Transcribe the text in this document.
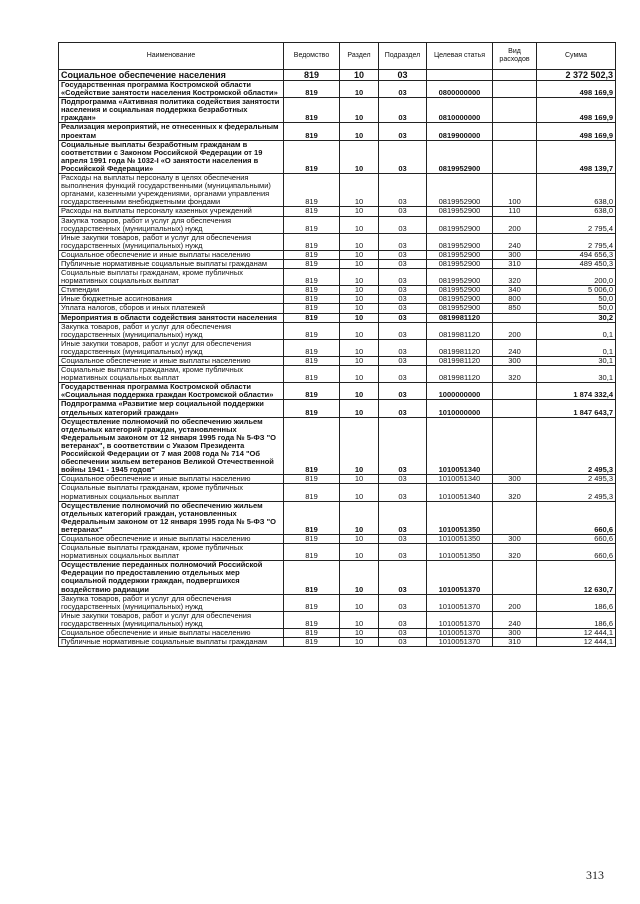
Наименование	Ведомство	Раздел	Подраздел	Целевая статья	Вид расходов	Сумма
Социальное обеспечение населения	819	10	03			2 372 502,3
Государственная программа Костромской области «Содействие занятости населения Костромской области»	819	10	03	0800000000		498 169,9
Подпрограмма «Активная политика содействия занятости населения и социальная поддержка безработных граждан»	819	10	03	0810000000		498 169,9
Реализация мероприятий, не отнесенных к федеральным проектам	819	10	03	0819900000		498 169,9
Социальные выплаты безработным гражданам в соответствии с Законом Российской Федерации от 19 апреля 1991 года № 1032-I «О занятости населения в Российской Федерации»	819	10	03	0819952900		498 139,7
Расходы на выплаты персоналу в целях обеспечения выполнения функций государственными (муниципальными) органами, казенными учреждениями, органами управления государственными внебюджетными фондами	819	10	03	0819952900	100	638,0
Расходы на выплаты персоналу казенных учреждений	819	10	03	0819952900	110	638,0
Закупка товаров, работ и услуг для обеспечения государственных (муниципальных) нужд	819	10	03	0819952900	200	2 795,4
Иные закупки товаров, работ и услуг для обеспечения государственных (муниципальных) нужд	819	10	03	0819952900	240	2 795,4
Социальное обеспечение и иные выплаты населению	819	10	03	0819952900	300	494 656,3
Публичные нормативные социальные выплаты гражданам	819	10	03	0819952900	310	489 450,3
Социальные выплаты гражданам, кроме публичных нормативных социальных выплат	819	10	03	0819952900	320	200,0
Стипендии	819	10	03	0819952900	340	5 006,0
Иные бюджетные ассигнования	819	10	03	0819952900	800	50,0
Уплата налогов, сборов и иных платежей	819	10	03	0819952900	850	50,0
Мероприятия в области содействия занятости населения	819	10	03	0819981120		30,2
Закупка товаров, работ и услуг для обеспечения государственных (муниципальных) нужд	819	10	03	0819981120	200	0,1
Иные закупки товаров, работ и услуг для обеспечения государственных (муниципальных) нужд	819	10	03	0819981120	240	0,1
Социальное обеспечение и иные выплаты населению	819	10	03	0819981120	300	30,1
Социальные выплаты гражданам, кроме публичных нормативных социальных выплат	819	10	03	0819981120	320	30,1
Государственная программа Костромской области «Социальная поддержка граждан Костромской области»	819	10	03	1000000000		1 874 332,4
Подпрограмма «Развитие мер социальной поддержки отдельных категорий граждан»	819	10	03	1010000000		1 847 643,7
Осуществление полномочий по обеспечению жильем отдельных категорий граждан, установленных Федеральным законом от 12 января 1995 года № 5-ФЗ "О ветеранах", в соответствии с Указом Президента Российской Федерации от 7 мая 2008 года № 714 "Об обеспечении жильем ветеранов Великой Отечественной войны 1941 - 1945 годов"	819	10	03	1010051340		2 495,3
Социальное обеспечение и иные выплаты населению	819	10	03	1010051340	300	2 495,3
Социальные выплаты гражданам, кроме публичных нормативных социальных выплат	819	10	03	1010051340	320	2 495,3
Осуществление полномочий по обеспечению жильем отдельных категорий граждан, установленных Федеральным законом от 12 января 1995 года № 5-ФЗ "О ветеранах"	819	10	03	1010051350		660,6
Социальное обеспечение и иные выплаты населению	819	10	03	1010051350	300	660,6
Социальные выплаты гражданам, кроме публичных нормативных социальных выплат	819	10	03	1010051350	320	660,6
Осуществление переданных полномочий Российской Федерации по предоставлению отдельных мер социальной поддержки граждан, подвергшихся воздействию радиации	819	10	03	1010051370		12 630,7
Закупка товаров, работ и услуг для обеспечения государственных (муниципальных) нужд	819	10	03	1010051370	200	186,6
Иные закупки товаров, работ и услуг для обеспечения государственных (муниципальных) нужд	819	10	03	1010051370	240	186,6
Социальное обеспечение и иные выплаты населению	819	10	03	1010051370	300	12 444,1
Публичные нормативные социальные выплаты гражданам	819	10	03	1010051370	310	12 444,1
313
